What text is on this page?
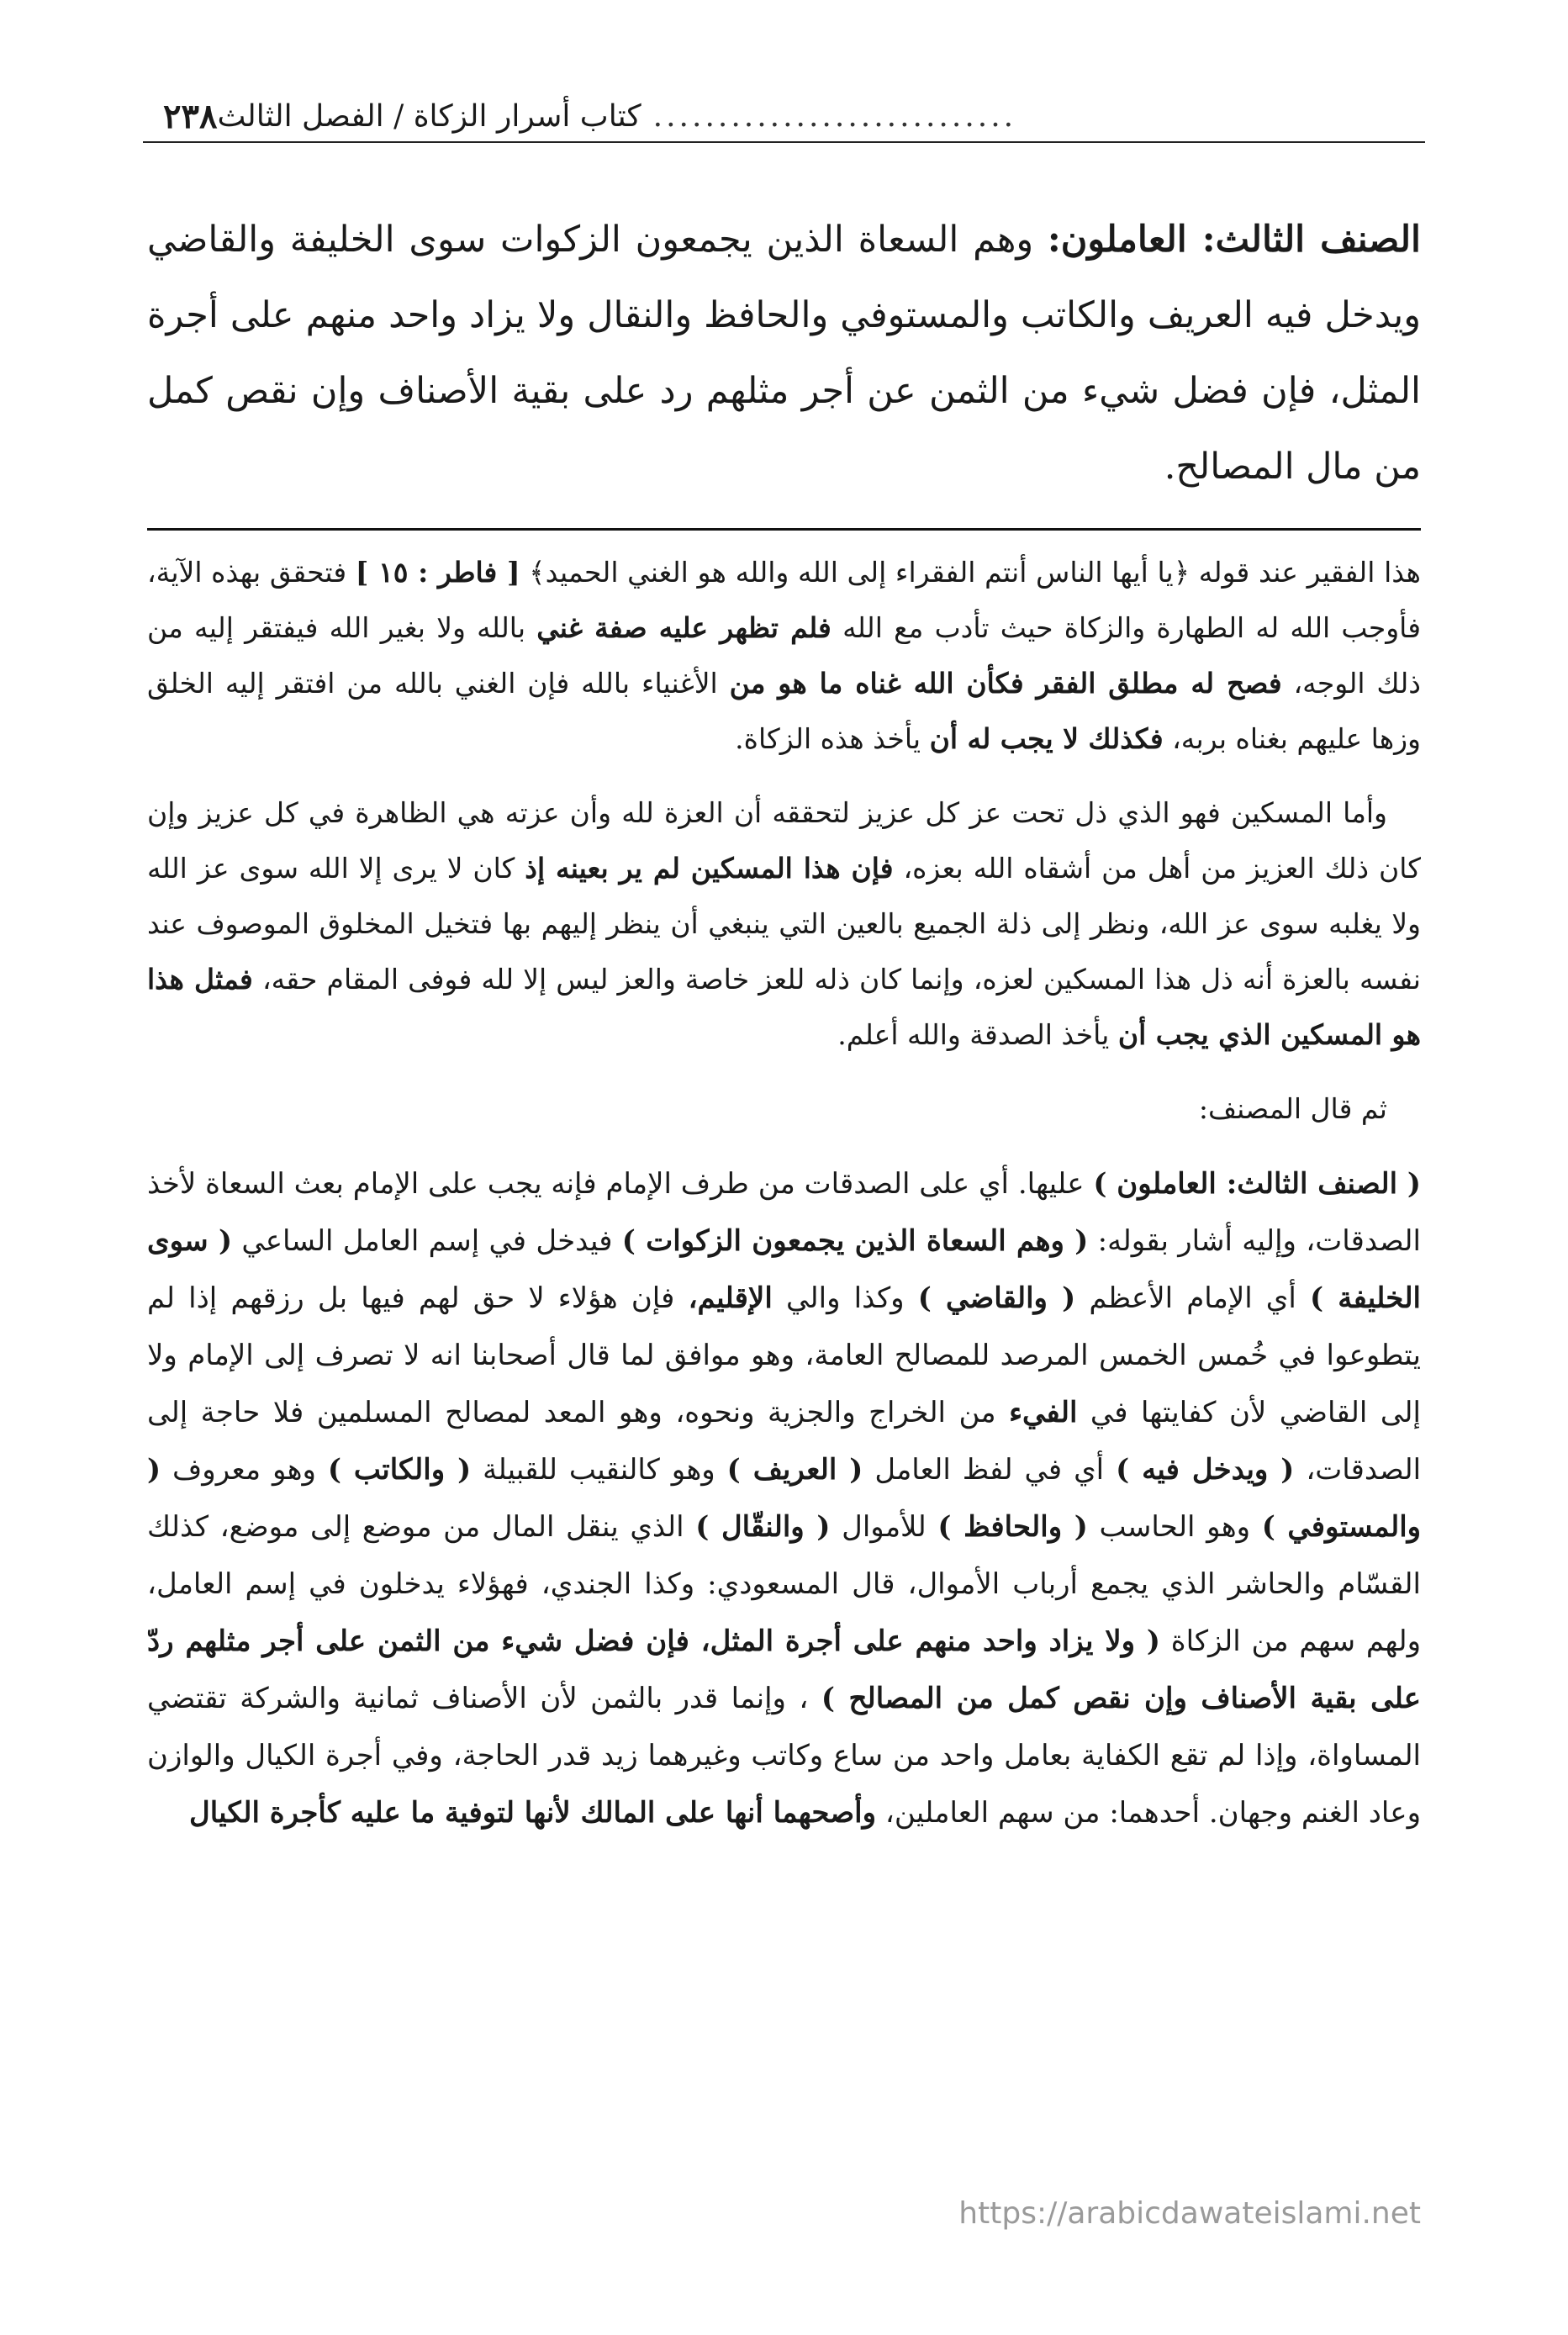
٢٣٨	............................
كتاب أسرار الزكاة / الفصل الثالث
الصنف الثالث: العاملون: وهم السعاة الذين يجمعون الزكوات سوى الخليفة والقاضي ويدخل فيه العريف والكاتب والمستوفي والحافظ والنقال ولا يزاد واحد منهم على أجرة المثل، فإن فضل شيء من الثمن عن أجر مثلهم رد على بقية الأصناف وإن نقص كمل من مال المصالح.

هذا الفقير عند قوله ﴿يا أيها الناس أنتم الفقراء إلى الله والله هو الغني الحميد﴾ [ فاطر : ١٥ ] فتحقق بهذه الآية، فأوجب الله له الطهارة والزكاة حيث تأدب مع الله فلم تظهر عليه صفة غني بالله ولا بغير الله فيفتقر إليه من ذلك الوجه، فصح له مطلق الفقر فكأن الله غناه ما هو من الأغنياء بالله فإن الغني بالله من افتقر إليه الخلق وزها عليهم بغناه بربه، فكذلك لا يجب له أن يأخذ هذه الزكاة.

وأما المسكين فهو الذي ذل تحت عز كل عزيز لتحققه أن العزة لله وأن عزته هي الظاهرة في كل عزيز وإن كان ذلك العزيز من أهل من أشقاه الله بعزه، فإن هذا المسكين لم ير بعينه إذ كان لا يرى إلا الله سوى عز الله ولا يغلبه سوى عز الله، ونظر إلى ذلة الجميع بالعين التي ينبغي أن ينظر إليهم بها فتخيل المخلوق الموصوف عند نفسه بالعزة أنه ذل هذا المسكين لعزه، وإنما كان ذله للعز خاصة والعز ليس إلا لله فوفى المقام حقه، فمثل هذا هو المسكين الذي يجب أن يأخذ الصدقة والله أعلم.

ثم قال المصنف:

( الصنف الثالث: العاملون ) عليها. أي على الصدقات من طرف الإمام فإنه يجب على الإمام بعث السعاة لأخذ الصدقات، وإليه أشار بقوله: ( وهم السعاة الذين يجمعون الزكوات ) فيدخل في إسم العامل الساعي ( سوى الخليفة ) أي الإمام الأعظم ( والقاضي ) وكذا والي الإقليم، فإن هؤلاء لا حق لهم فيها بل رزقهم إذا لم يتطوعوا في خُمس الخمس المرصد للمصالح العامة، وهو موافق لما قال أصحابنا انه لا تصرف إلى الإمام ولا إلى القاضي لأن كفايتها في الفيء من الخراج والجزية ونحوه، وهو المعد لمصالح المسلمين فلا حاجة إلى الصدقات، ( ويدخل فيه ) أي في لفظ العامل ( العريف ) وهو كالنقيب للقبيلة ( والكاتب ) وهو معروف ( والمستوفي ) وهو الحاسب ( والحافظ ) للأموال ( والنقّال ) الذي ينقل المال من موضع إلى موضع، كذلك القسّام والحاشر الذي يجمع أرباب الأموال، قال المسعودي: وكذا الجندي، فهؤلاء يدخلون في إسم العامل، ولهم سهم من الزكاة ( ولا يزاد واحد منهم على أجرة المثل، فإن فضل شيء من الثمن على أجر مثلهم ردّ على بقية الأصناف وإن نقص كمل من المصالح ) ، وإنما قدر بالثمن لأن الأصناف ثمانية والشركة تقتضي المساواة، وإذا لم تقع الكفاية بعامل واحد من ساع وكاتب وغيرهما زيد قدر الحاجة، وفي أجرة الكيال والوازن وعاد الغنم وجهان. أحدهما: من سهم العاملين، وأصحهما أنها على المالك لأنها لتوفية ما عليه كأجرة الكيال

https://arabicdawateislami.net
